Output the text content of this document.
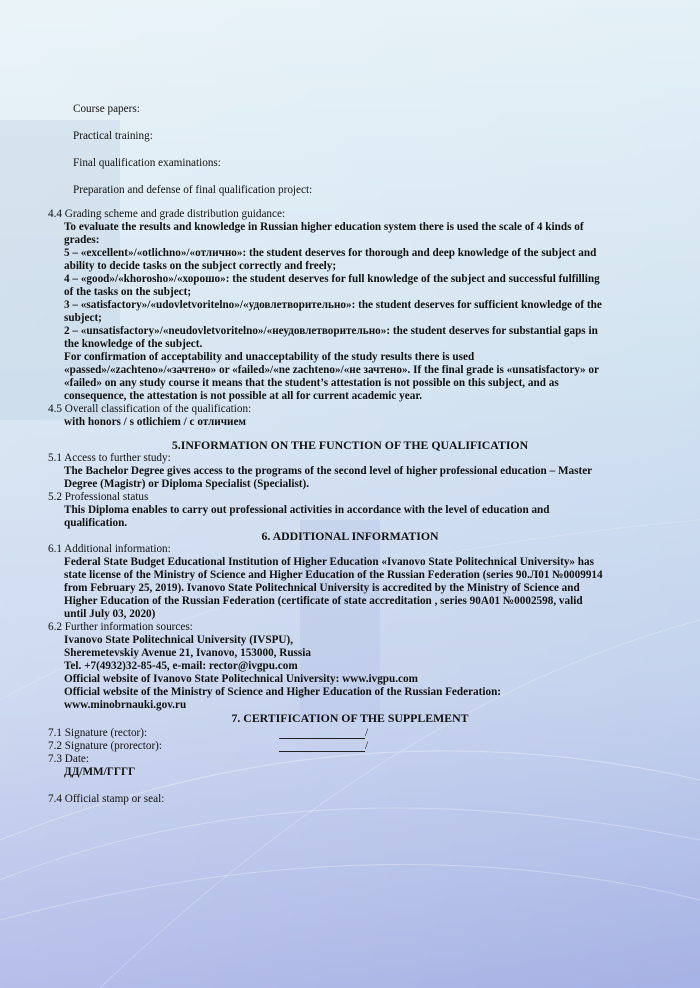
Course papers:
Practical training:
Final qualification examinations:
Preparation and defense of final qualification project:
4.4 Grading scheme and grade distribution guidance:
To evaluate the results and knowledge in Russian higher education system there is used the scale of 4 kinds of
grades:
5 – «excellent»/«otlichno»/«отлично»: the student deserves for thorough and deep knowledge of the subject and
ability to decide tasks on the subject correctly and freely;
4 – «good»/«khorosho»/«хорошо»: the student deserves for full knowledge of the subject and successful fulfilling
of the tasks on the subject;
3 – «satisfactory»/«udovletvoritelno»/«удовлетворительно»: the student deserves for sufficient knowledge of the
subject;
2 – «unsatisfactory»/«neudovletvoritelno»/«неудовлетворительно»: the student deserves for substantial gaps in
the knowledge of the subject.
For confirmation of acceptability and unacceptability of the study results there is used
«passed»/«zachteno»/«зачтено» or «failed»/«ne zachteno»/«не зачтено». If the final grade is «unsatisfactory» or
«failed» on any study course it means that the student’s attestation is not possible on this subject, and as
consequence, the attestation is not possible at all for current academic year.
4.5 Overall classification of the qualification:
with honors / s otlichiem / с отличием
5.INFORMATION ON THE FUNCTION OF THE QUALIFICATION
5.1 Access to further study:
The Bachelor Degree gives access to the programs of the second level of higher professional education – Master
Degree (Magistr) or Diploma Specialist (Specialist).
5.2 Professional status
This Diploma enables to carry out professional activities in accordance with the level of education and
qualification.
6. ADDITIONAL INFORMATION
6.1 Additional information:
Federal State Budget Educational Institution of Higher Education «Ivanovo State Politechnical University» has
state license of the Ministry of Science and Higher Education of the Russian Federation (series 90.Л01 №0009914
from February 25, 2019). Ivanovo State Politechnical University is accredited by the Ministry of Science and
Higher Education of the Russian Federation (certificate of state accreditation , series 90A01 №0002598, valid
until July 03, 2020)
6.2 Further information sources:
Ivanovo State Politechnical University (IVSPU),
Sheremetevskiy Avenue 21, Ivanovo, 153000, Russia
Tel. +7(4932)32-85-45, e-mail: rector@ivgpu.com
Official website of Ivanovo State Politechnical University: www.ivgpu.com
Official website of the Ministry of Science and Higher Education of the Russian Federation:
www.minobrnauki.gov.ru
7. CERTIFICATION OF THE SUPPLEMENT
7.1 Signature (rector):	/
7.2 Signature (prorector):	/
7.3 Date:
ДД/ММ/ГГГГ
7.4 Official stamp or seal:
